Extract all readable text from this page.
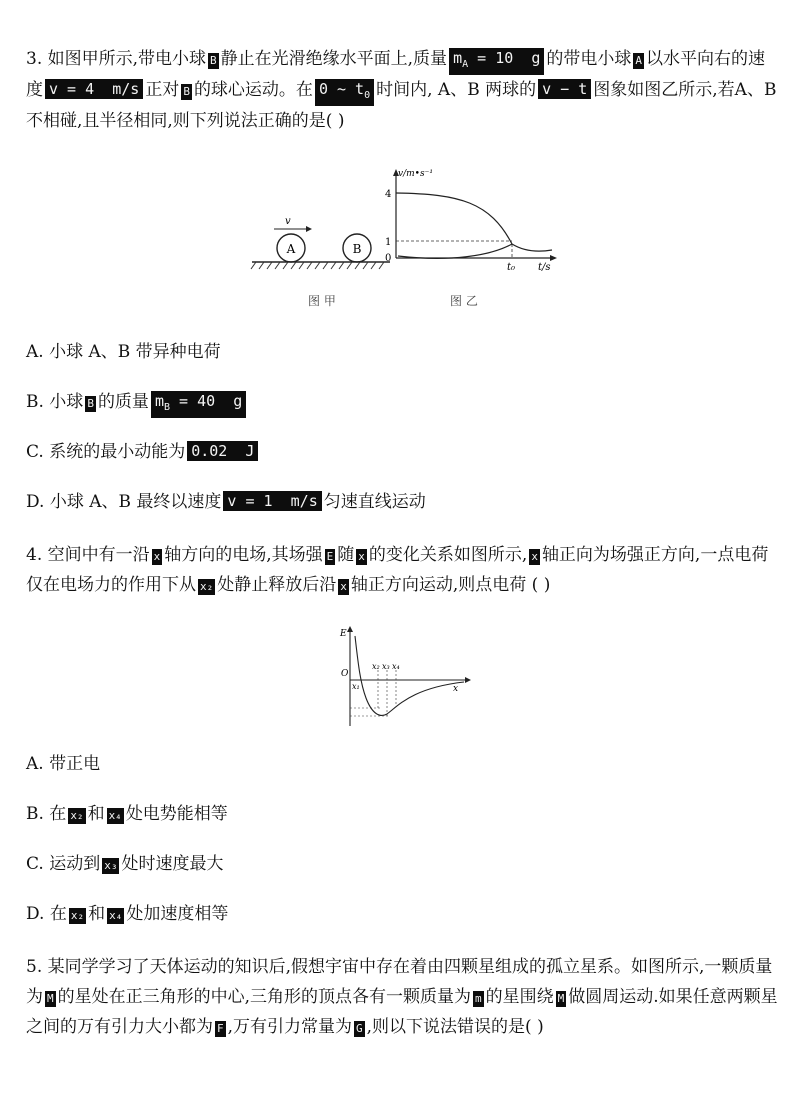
3. 如图甲所示,带电小球 B 静止在光滑绝缘水平面上,质量 $m_A = 10$  g 的带电小球 A 以水平向右的速度 v = 4  m/s 正对 B 的球心运动。在 0 ~ $t_0$ 时间内, A、B 两球的 v − t 图象如图乙所示,若A、B 不相碰,且半径相同,则下列说法正确的是( )
A	B
v
图 甲
v/m•s⁻¹
4
1
0
t₀ t/s
图 乙
A. 小球 A、B 带异种电荷
B. 小球 B 的质量 $m_B = 40$  g
C. 系统的最小动能为 0.02  J
D. 小球 A、B 最终以速度 v = 1  m/s 匀速直线运动
4. 空间中有一沿 x 轴方向的电场,其场强 E 随 x 的变化关系如图所示, x 轴正向为场强正方向,一点电荷仅在电场力的作用下从 x₂ 处静止释放后沿 x 轴正方向运动,则点电荷 ( )
E
O
x
x₁
x₂ x₃ x₄
A. 带正电
B. 在 x₂ 和 x₄ 处电势能相等
C. 运动到 x₃ 处时速度最大
D. 在 x₂ 和 x₄ 处加速度相等
5. 某同学学习了天体运动的知识后,假想宇宙中存在着由四颗星组成的孤立星系。如图所示,一颗质量为 M 的星处在正三角形的中心,三角形的顶点各有一颗质量为 m 的星围绕 M 做圆周运动.如果任意两颗星之间的万有引力大小都为 F ,万有引力常量为 G ,则以下说法错误的是( )
